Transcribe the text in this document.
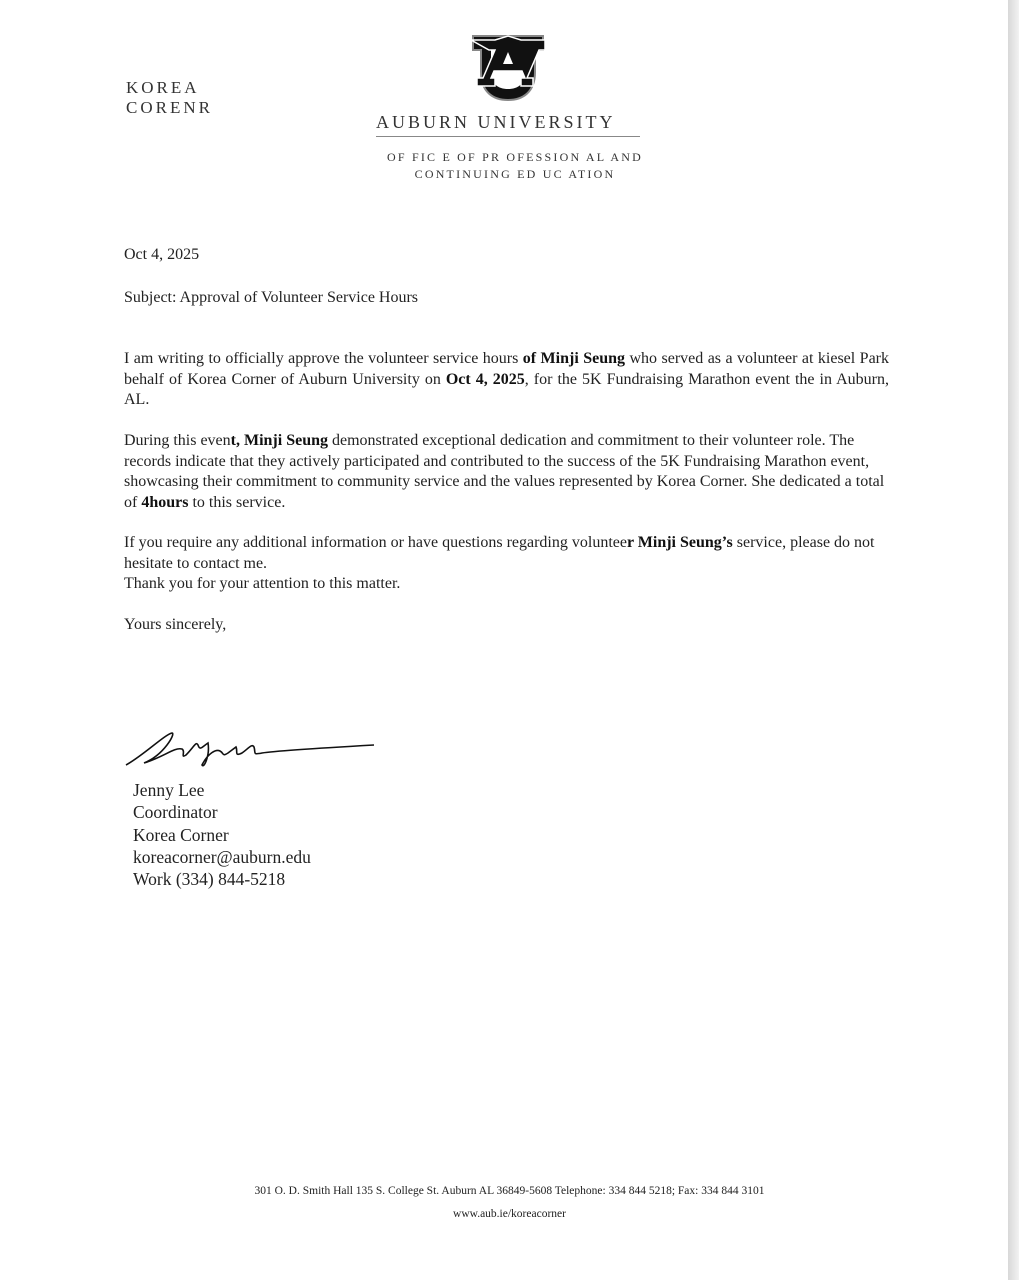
KOREA
CORENR
AUBURN UNIVERSITY
OF FIC E OF PR OFESSION AL AND
CONTINUING ED UC ATION
Oct 4, 2025
Subject: Approval of Volunteer Service Hours
I am writing to officially approve the volunteer service hours of Minji Seung who served as a volunteer at kiesel Park behalf of Korea Corner of Auburn University on Oct 4, 2025, for the 5K Fundraising Marathon event the in Auburn, AL.
During this event, Minji Seung demonstrated exceptional dedication and commitment to their volunteer role. The records indicate that they actively participated and contributed to the success of the 5K Fundraising Marathon event, showcasing their commitment to community service and the values represented by Korea Corner. She dedicated a total of 4hours to this service.
If you require any additional information or have questions regarding volunteer Minji Seung’s service, please do not hesitate to contact me.
Thank you for your attention to this matter.
Yours sincerely,
Jenny Lee
Coordinator
Korea Corner
koreacorner@auburn.edu
Work (334) 844-5218
301 O. D. Smith Hall 135 S. College St. Auburn AL 36849-5608 Telephone: 334 844 5218; Fax: 334 844 3101
www.aub.ie/koreacorner
